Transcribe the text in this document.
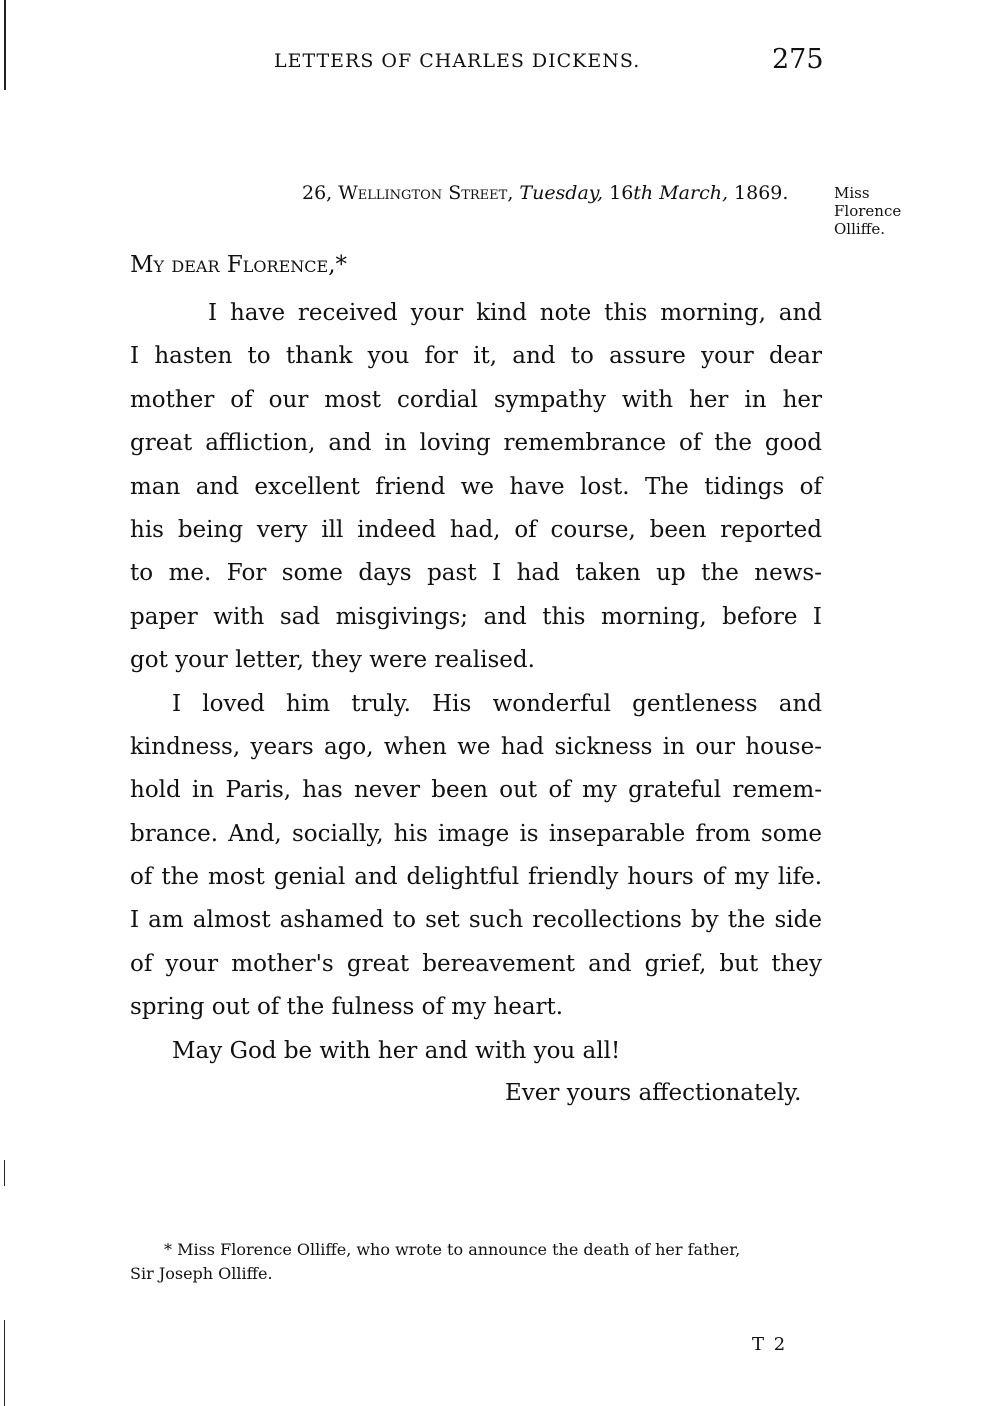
LETTERS OF CHARLES DICKENS.	275
26, Wellington Street, Tuesday, 16th March, 1869.	Miss
Florence
Olliffe.
My dear Florence,*
I have received your kind note this morning, and
I hasten to thank you for it, and to assure your dear
mother of our most cordial sympathy with her in her
great affliction, and in loving remembrance of the good
man and excellent friend we have lost. The tidings of
his being very ill indeed had, of course, been reported
to me. For some days past I had taken up the news-
paper with sad misgivings; and this morning, before I
got your letter, they were realised.
I loved him truly. His wonderful gentleness and
kindness, years ago, when we had sickness in our house-
hold in Paris, has never been out of my grateful remem-
brance. And, socially, his image is inseparable from some
of the most genial and delightful friendly hours of my life.
I am almost ashamed to set such recollections by the side
of your mother's great bereavement and grief, but they
spring out of the fulness of my heart.
May God be with her and with you all!
Ever yours affectionately.
* Miss Florence Olliffe, who wrote to announce the death of her father,
Sir Joseph Olliffe.
T 2
